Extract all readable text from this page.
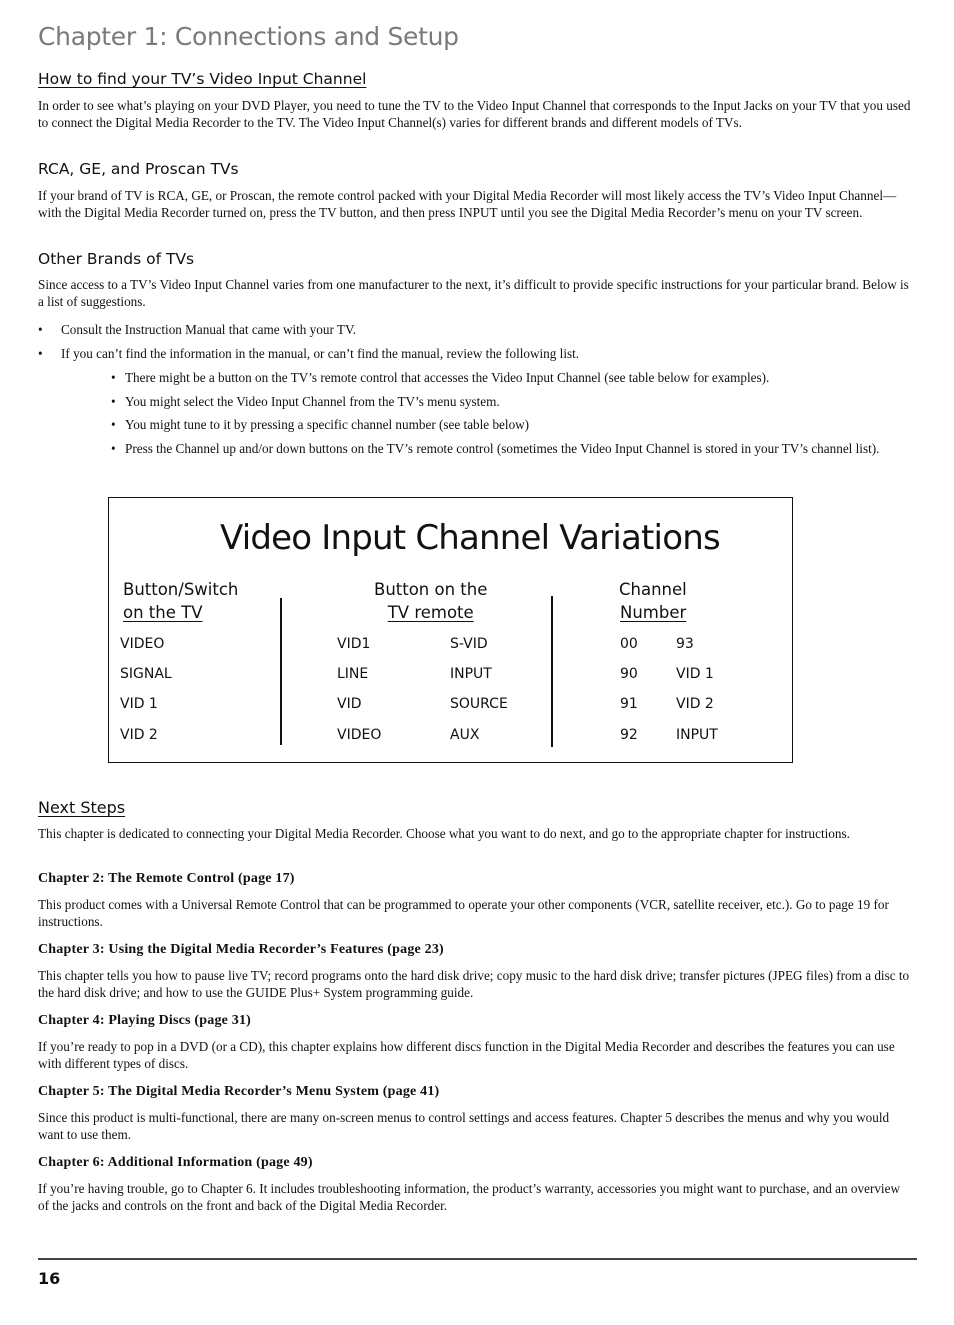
Chapter 1: Connections and Setup
How to find your TV’s Video Input Channel
In order to see what’s playing on your DVD Player, you need to tune the TV to the Video Input Channel that corresponds to the Input Jacks on your TV that you used to connect the Digital Media Recorder to the TV. The Video Input Channel(s) varies for different brands and different models of TVs.
RCA, GE, and Proscan TVs
If your brand of TV is RCA, GE, or Proscan, the remote control packed with your Digital Media Recorder will most likely access the TV’s Video Input Channel— with the Digital Media Recorder turned on, press the TV button, and then press INPUT until you see the Digital Media Recorder’s menu on your TV screen.
Other Brands of TVs
Since access to a TV’s Video Input Channel varies from one manufacturer to the next, it’s difficult to provide specific instructions for your particular brand. Below is a list of suggestions.
• Consult the Instruction Manual that came with your TV.
• If you can’t find the information in the manual, or can’t find the manual, review the following list.
• There might be a button on the TV’s remote control that accesses the Video Input Channel (see table below for examples).
• You might select the Video Input Channel from the TV’s menu system.
• You might tune to it by pressing a specific channel number (see table below)
• Press the Channel up and/or down buttons on the TV’s remote control (sometimes the Video Input Channel is stored in your TV’s channel list).
Video Input Channel Variations
Button/Switch
on the TV
Button on the
TV remote
Channel
Number
VIDEO	VID1	S-VID	00	93
SIGNAL	LINE	INPUT	90	VID 1
VID 1	VID	SOURCE	91	VID 2
VID 2	VIDEO	AUX	92	INPUT
Next Steps
This chapter is dedicated to connecting your Digital Media Recorder. Choose what you want to do next, and go to the appropriate chapter for instructions.
Chapter 2: The Remote Control (page 17)
This product comes with a Universal Remote Control that can be programmed to operate your other components (VCR, satellite receiver, etc.). Go to page 19 for instructions.
Chapter 3: Using the Digital Media Recorder’s Features (page 23)
This chapter tells you how to pause live TV; record programs onto the hard disk drive; copy music to the hard disk drive; transfer pictures (JPEG files) from a disc to the hard disk drive; and how to use the GUIDE Plus+ System programming guide.
Chapter 4: Playing Discs (page 31)
If you’re ready to pop in a DVD (or a CD), this chapter explains how different discs function in the Digital Media Recorder and describes the features you can use with different types of discs.
Chapter 5: The Digital Media Recorder’s Menu System (page 41)
Since this product is multi-functional, there are many on-screen menus to control settings and access features. Chapter 5 describes the menus and why you would want to use them.
Chapter 6: Additional Information (page 49)
If you’re having trouble, go to Chapter 6. It includes troubleshooting information, the product’s warranty, accessories you might want to purchase, and an overview of the jacks and controls on the front and back of the Digital Media Recorder.
16
